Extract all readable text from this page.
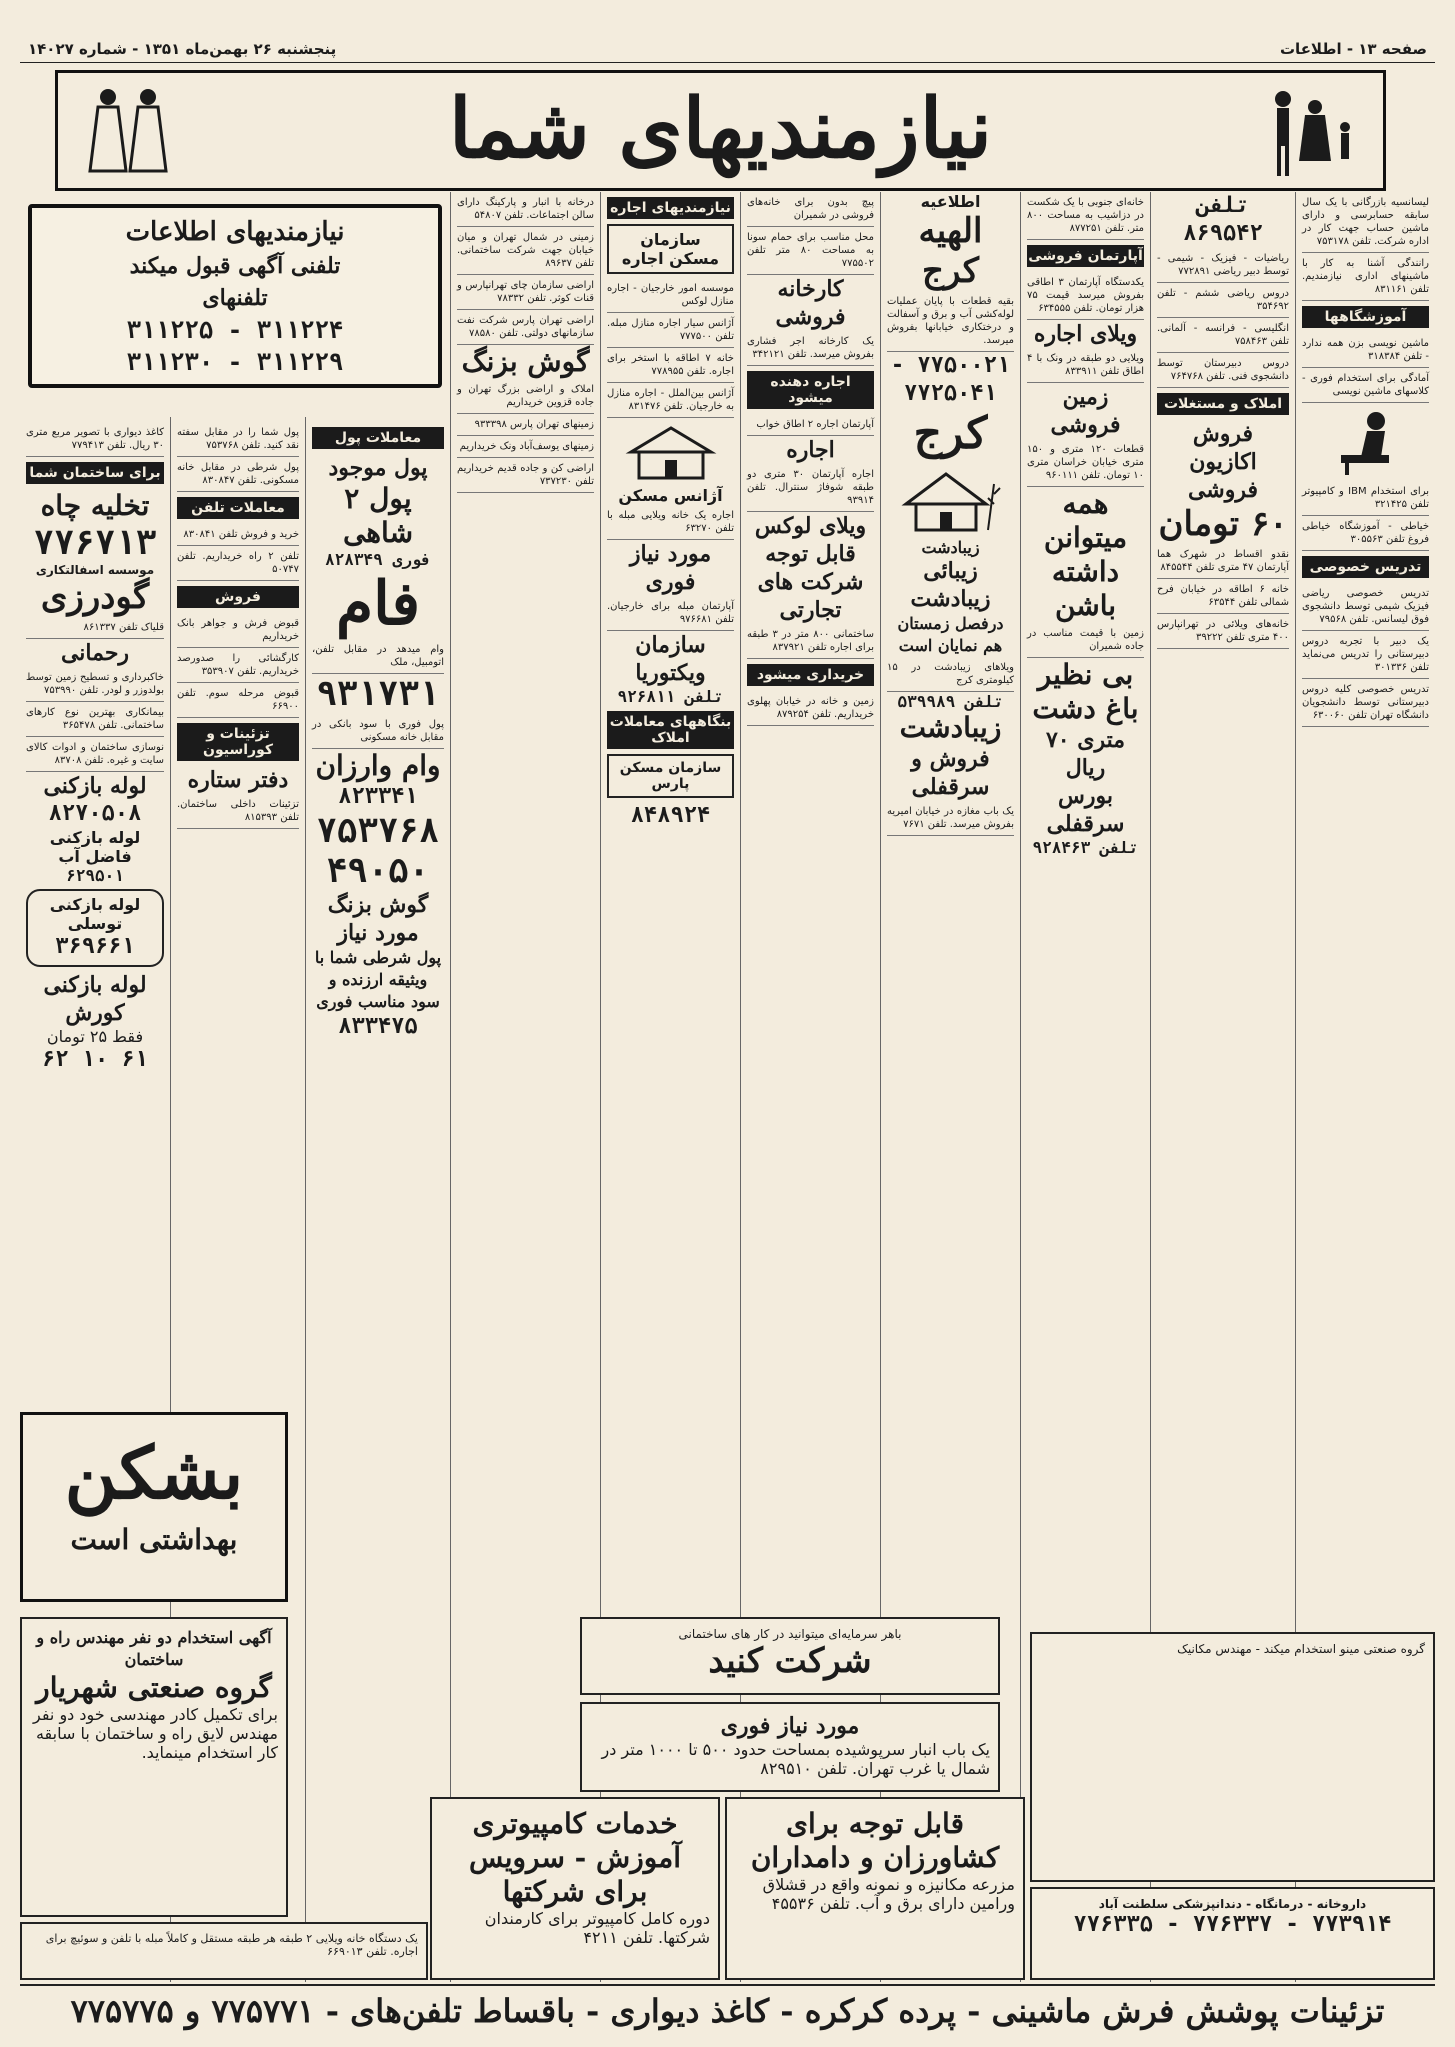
صفحه ۱۳ - اطلاعات
پنجشنبه ۲۶ بهمن‌ماه ۱۳۵۱ - شماره ۱۴۰۲۷
نیازمندیهای شما
لیسانسیه بازرگانی با یک سال سابقه حسابرسی و دارای ماشین حساب جهت کار در اداره شرکت. تلفن ۷۵۳۱۷۸
رانندگی آشنا به کار با ماشینهای اداری نیازمندیم. تلفن ۸۳۱۱۶۱
آموزشگاهها
ماشین نویسی بزن همه ندارد - تلفن ۳۱۸۳۸۴
آمادگی برای استخدام فوری - کلاسهای ماشین نویسی
برای استخدام IBM و کامپیوتر تلفن ۳۲۱۴۲۵
خیاطی - آموزشگاه خیاطی فروغ تلفن ۳۰۵۵۶۳
تدریس خصوصی
تدریس خصوصی ریاضی فیزیک شیمی توسط دانشجوی فوق لیسانس. تلفن ۷۹۵۶۸
یک دبیر با تجربه دروس دبیرستانی را تدریس می‌نماید تلفن ۳۰۱۳۳۶
تدریس خصوصی کلیه دروس دبیرستانی توسط دانشجویان دانشگاه تهران تلفن ۶۳۰۰۶۰
تلفن ۸۶۹۵۴۲
ریاضیات - فیزیک - شیمی - توسط دبیر ریاضی ۷۷۲۸۹۱
دروس ریاضی ششم - تلفن ۳۵۴۶۹۲
انگلیسی - فرانسه - آلمانی. تلفن ۷۵۸۴۶۳
دروس دبیرستان توسط دانشجوی فنی. تلفن ۷۶۴۷۶۸
املاک و مستغلات
فروش
اکازیون فروشی
۶۰ تومان
نقدو اقساط در شهرک هما آپارتمان ۴۷ متری تلفن ۸۴۵۵۴۴
خانه ۶ اطاقه در خیابان فرح شمالی تلفن ۶۳۵۴۴
خانه‌های ویلائی در تهرانپارس ۴۰۰ متری تلفن ۳۹۲۲۲
خانه‌ای جنوبی با یک شکست در دزاشیب به مساحت ۸۰۰ متر. تلفن ۸۷۷۲۵۱
آپارتمان فروشی
یکدستگاه آپارتمان ۳ اطاقی بفروش میرسد قیمت ۷۵ هزار تومان. تلفن ۶۳۴۵۵۵
ویلای اجاره
ویلایی دو طبقه در ونک با ۴ اطاق تلفن ۸۳۳۹۱۱
زمین فروشی
قطعات ۱۲۰ متری و ۱۵۰ متری خیابان خراسان متری ۱۰ تومان. تلفن ۹۶۰۱۱۱
همه میتوانن
داشته باشن
زمین با قیمت مناسب در جاده شمیران
بی نظیر
باغ دشت
متری ۷۰ ریال
بورس سرقفلی
تلفن ۹۲۸۴۶۳
اطلاعیه
الهیه کرج
بقیه قطعات با پایان عملیات لوله‌کشی آب و برق و آسفالت و درختکاری خیابانها بفروش میرسد.
۷۷۵۰۰۲۱ - ۷۷۲۵۰۴۱
کرج
زیبادشت
زیبائی زیبادشت
درفصل زمستان هم نمایان است
ویلاهای زیبادشت در ۱۵ کیلومتری کرج
تلفن ۵۳۹۹۸۹
زیبادشت
فروش و سرقفلی
یک باب مغازه در خیابان امیریه بفروش میرسد. تلفن ۷۶۷۱
پیچ بدون برای خانه‌های فروشی در شمیران
محل مناسب برای حمام سونا به مساحت ۸۰ متر تلفن ۷۷۵۵۰۲
کارخانه فروشی
یک کارخانه اجر فشاری بفروش میرسد. تلفن ۳۴۲۱۲۱
اجاره دهنده میشود
آپارتمان اجاره ۲ اطاق خواب
اجاره
اجاره آپارتمان ۳۰ متری دو طبقه شوفاژ سنترال. تلفن ۹۳۹۱۴
ویلای لوکس
قابل توجه شرکت های تجارتی
ساختمانی ۸۰۰ متر در ۳ طبقه برای اجاره تلفن ۸۳۷۹۲۱
خریداری میشود
زمین و خانه در خیابان پهلوی خریداریم. تلفن ۸۷۹۲۵۴
نیازمندیهای اجاره
سازمان مسکن اجاره
موسسه امور خارجیان - اجاره منازل لوکس
آژانس سیار اجاره منازل مبله. تلفن ۷۷۷۵۰۰
خانه ۷ اطاقه با استخر برای اجاره. تلفن ۷۷۸۹۵۵
آژانس بین‌الملل - اجاره منازل به خارجیان. تلفن ۸۳۱۴۷۶
آژانس مسکن
اجاره یک خانه ویلایی مبله با تلفن ۶۳۲۷۰
مورد نیاز فوری
آپارتمان مبله برای خارجیان. تلفن ۹۷۶۶۸۱
سازمان ویکتوریا
تلفن ۹۲۶۸۱۱
بنگاههای معاملات املاک
سازمان مسکن پارس
۸۴۸۹۲۴
درخانه با انبار و پارکینگ دارای سالن اجتماعات. تلفن ۵۴۸۰۷
زمینی در شمال تهران و میان خیابان جهت شرکت ساختمانی. تلفن ۸۹۶۳۷
اراضی سازمان چای تهرانپارس و قنات کوثر. تلفن ۷۸۳۳۲
اراضی تهران پارس شرکت نفت سازمانهای دولتی. تلفن ۷۸۵۸۰
گوش بزنگ
املاک و اراضی بزرگ تهران و جاده قزوین خریداریم
زمینهای تهران پارس ۹۳۳۳۹۸
زمینهای یوسف‌آباد ونک خریداریم
اراضی کن و جاده قدیم خریداریم تلفن ۷۳۷۲۳۰
معاملات پول
پول موجود
پول ۲ شاهی
فوری ۸۲۸۳۴۹
فام
وام میدهد در مقابل تلفن، اتومبیل، ملک
۹۳۱۷۳۱
پول فوری با سود بانکی در مقابل خانه مسکونی
وام وارزان
۸۲۳۳۴۱
۷۵۳۷۶۸
۴۹۰۵۰
گوش بزنگ
مورد نیاز
پول شرطی شما با ویثیقه ارزنده و سود مناسب فوری
۸۳۳۴۷۵
پول شما را در مقابل سفته نقد کنید. تلفن ۷۵۳۷۶۸
پول شرطی در مقابل خانه مسکونی. تلفن ۸۳۰۸۴۷
معاملات تلفن
خرید و فروش تلفن ۸۳۰۸۴۱
تلفن ۲ راه خریداریم. تلفن ۵۰۷۴۷
فروش
قبوض فرش و جواهر بانک خریداریم
کارگشائی را صدورصد خریداریم. تلفن ۳۵۳۹۰۷
قبوض مرحله سوم. تلفن ۶۶۹۰۰
تزئینات و کوراسیون
دفتر ستاره
تزئینات داخلی ساختمان. تلفن ۸۱۵۳۹۳
کاغذ دیواری با تصویر مربع متری ۳۰ ریال. تلفن ۷۷۹۴۱۳
برای ساختمان شما
تخلیه چاه
۷۷۶۷۱۳
موسسه اسفالتکاری
گودرزی
قلیاک تلفن ۸۶۱۳۳۷
رحمانی
خاکبرداری و تسطیح زمین توسط بولدوزر و لودر. تلفن ۷۵۳۹۹۰
بیمانکاری بهترین نوع کارهای ساختمانی. تلفن ۳۶۵۴۷۸
نوسازی ساختمان و ادوات کالای سایت و غیره. تلفن ۸۳۷۰۸
لوله بازکنی
۸۲۷۰۵۰۸
لوله بازکنی فاضل آب
۶۲۹۵۰۱
لوله بازکنی توسلی
۳۶۹۶۶۱
لوله بازکنی کورش
فقط ۲۵ تومان
۶۱ ۱۰ ۶۲
نیازمندیهای اطلاعات
تلفنی آگهی قبول میکند
تلفنهای
۳۱۱۲۲۵ - ۳۱۱۲۲۴
۳۱۱۲۳۰ - ۳۱۱۲۲۹
بشکن
بهداشتی است
آگهی استخدام دو نفر مهندس راه و ساختمان
گروه صنعتی شهریار
برای تکمیل کادر مهندسی خود دو نفر مهندس لایق راه و ساختمان با سابقه کار استخدام مینماید.
یک دستگاه خانه ویلایی ۲ طبقه هر طبقه مستقل و کاملاً مبله با تلفن و سوئیچ برای اجاره. تلفن ۶۶۹۰۱۳
باهر سرمایه‌ای میتوانید در کار های ساختمانی
شرکت کنید
مورد نیاز فوری
یک باب انبار سرپوشیده بمساحت حدود ۵۰۰ تا ۱۰۰۰ متر در شمال یا غرب تهران. تلفن ۸۲۹۵۱۰
خدمات کامپیوتری
آموزش - سرویس
برای شرکتها
دوره کامل کامپیوتر برای کارمندان شرکتها. تلفن ۴۲۱۱
قابل توجه برای
کشاورزان و دامداران
مزرعه مکانیزه و نمونه واقع در قشلاق ورامین دارای برق و آب. تلفن ۴۵۵۳۶
گروه صنعتی مینو استخدام میکند - مهندس مکانیک
داروخانه - درمانگاه - دندانپزشکی سلطنت آباد
۷۷۳۹۱۴ - ۷۷۶۳۳۷ - ۷۷۶۳۳۵
تزئینات پوشش فرش ماشینی - پرده کرکره - کاغذ دیواری - باقساط تلفن‌های - ۷۷۵۷۷۱ و ۷۷۵۷۷۵
